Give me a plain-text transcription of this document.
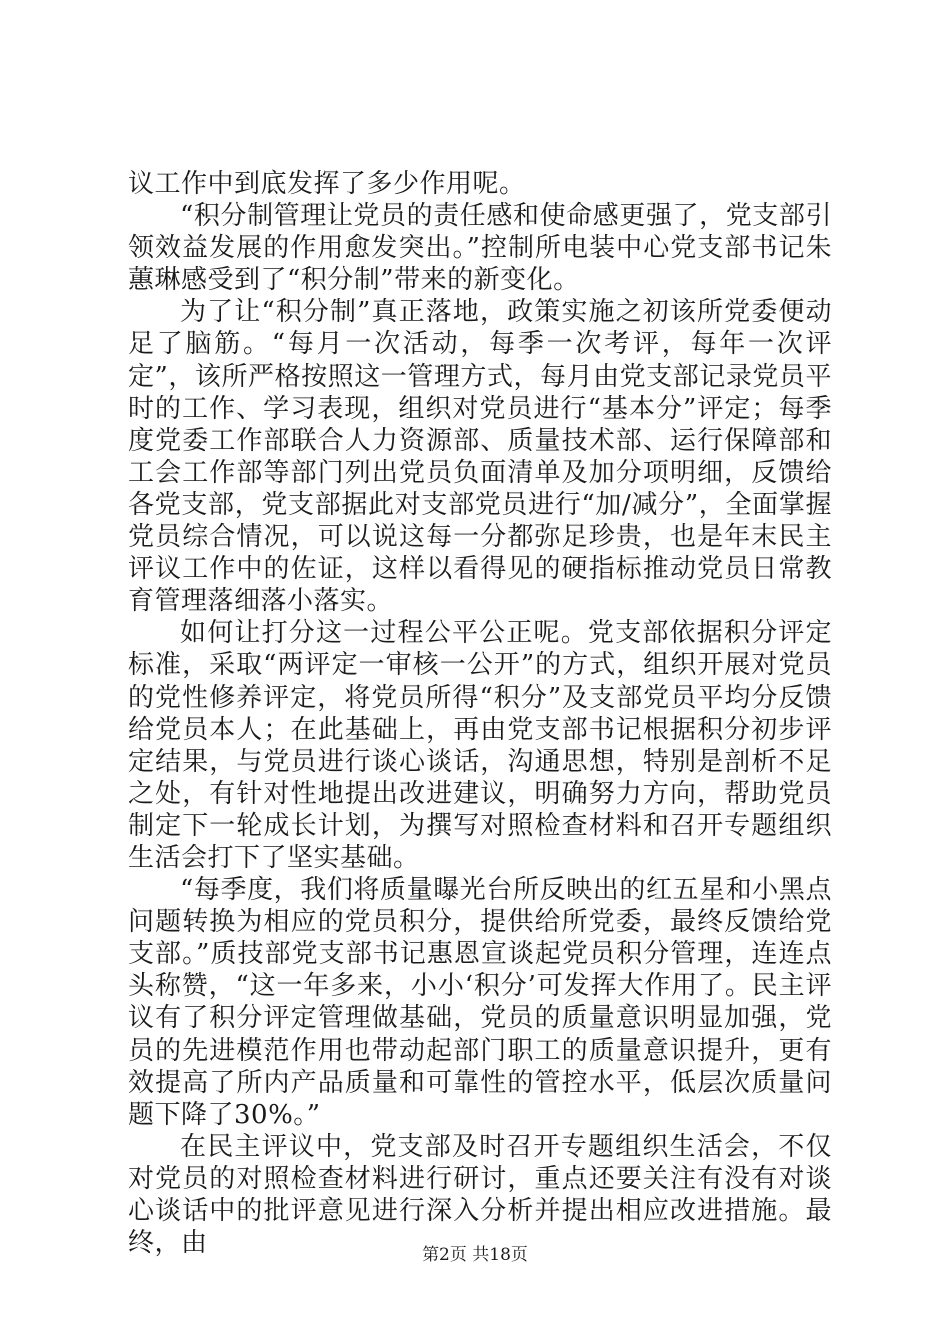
议工作中到底发挥了多少作用呢。

“积分制管理让党员的责任感和使命感更强了，党支部引领效益发展的作用愈发突出。”控制所电装中心党支部书记朱蕙琳感受到了“积分制”带来的新变化。

为了让“积分制”真正落地，政策实施之初该所党委便动足了脑筋。“每月一次活动，每季一次考评，每年一次评定”，该所严格按照这一管理方式，每月由党支部记录党员平时的工作、学习表现，组织对党员进行“基本分”评定；每季度党委工作部联合人力资源部、质量技术部、运行保障部和工会工作部等部门列出党员负面清单及加分项明细，反馈给各党支部，党支部据此对支部党员进行“加/减分”，全面掌握党员综合情况，可以说这每一分都弥足珍贵，也是年末民主评议工作中的佐证，这样以看得见的硬指标推动党员日常教育管理落细落小落实。

如何让打分这一过程公平公正呢。党支部依据积分评定标准，采取“两评定一审核一公开”的方式，组织开展对党员的党性修养评定，将党员所得“积分”及支部党员平均分反馈给党员本人；在此基础上，再由党支部书记根据积分初步评定结果，与党员进行谈心谈话，沟通思想，特别是剖析不足之处，有针对性地提出改进建议，明确努力方向，帮助党员制定下一轮成长计划，为撰写对照检查材料和召开专题组织生活会打下了坚实基础。

“每季度，我们将质量曝光台所反映出的红五星和小黑点问题转换为相应的党员积分，提供给所党委，最终反馈给党支部。”质技部党支部书记惠恩宣谈起党员积分管理，连连点头称赞，“这一年多来，小小‘积分’可发挥大作用了。民主评议有了积分评定管理做基础，党员的质量意识明显加强，党员的先进模范作用也带动起部门职工的质量意识提升，更有效提高了所内产品质量和可靠性的管控水平，低层次质量问题下降了30%。”

在民主评议中，党支部及时召开专题组织生活会，不仅对党员的对照检查材料进行研讨，重点还要关注有没有对谈心谈话中的批评意见进行深入分析并提出相应改进措施。最终，由	第2页 共18页
